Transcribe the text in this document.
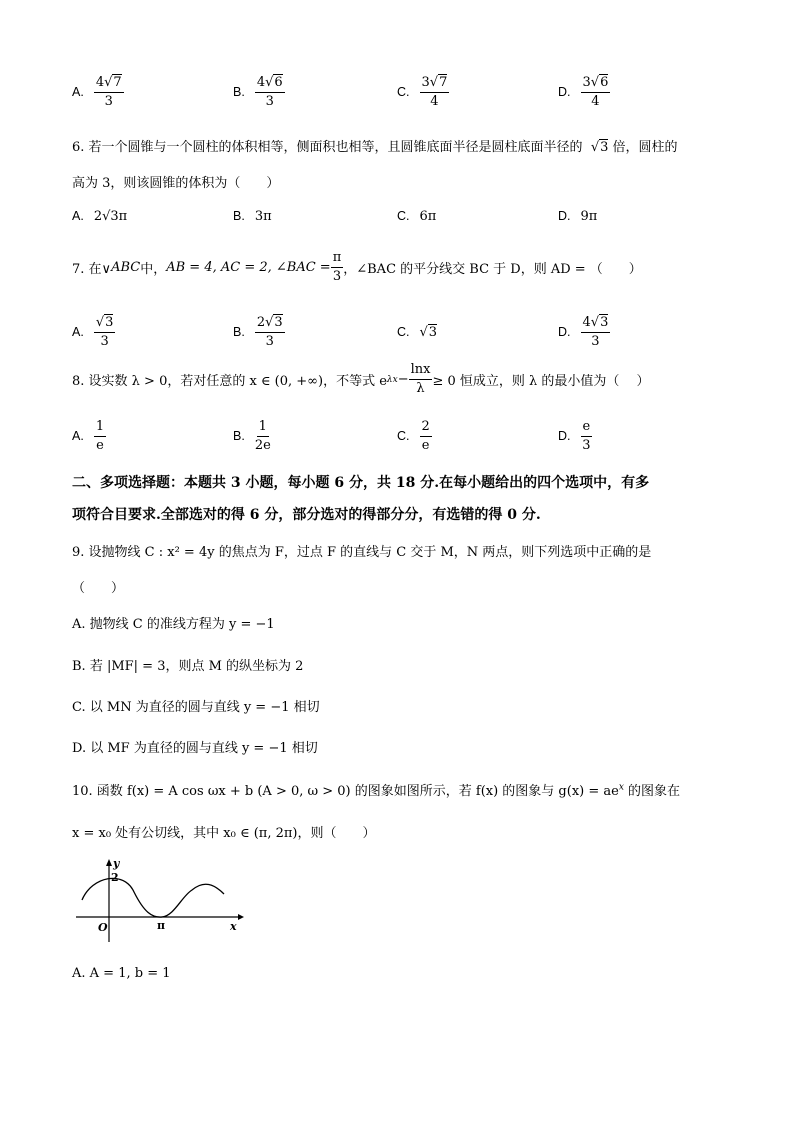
A. $\frac{4√7}{3}$	B. $\frac{4√6}{3}$	C. $\frac{3√7}{4}$	D. $\frac{3√6}{4}$
6. 若一个圆锥与一个圆柱的体积相等，侧面积也相等，且圆锥底面半径是圆柱底面半径的  √3 倍，圆柱的
高为 3，则该圆锥的体积为（　　）
A. 2√3π	B. 3π	C. 6π	D. 9π
7. 在∨ ABC 中， AB = 4, AC = 2, ∠BAC = $\frac{\pi}{3}$ ，∠BAC 的平分线交 BC 于 D，则 AD = （　　）
A. $\frac{√3}{3}$	B. $\frac{2√3}{3}$	C. √3	D. $\frac{4√3}{3}$
8. 设实数 λ > 0，若对任意的 x ∈ (0, +∞)，不等式 e $\lambda x - \frac{\ln x}{\lambda} \ge 0$ 恒成立，则 λ 的最小值为（　 ）
A. $\frac{1}{e}$	B. $\frac{1}{2e}$	C. $\frac{2}{e}$	D. $\frac{e}{3}$
二、多项选择题：本题共 3 小题，每小题 6 分，共 18 分.在每小题给出的四个选项中，有多
项符合目要求.全部选对的得 6 分，部分选对的得部分分，有选错的得 0 分.
9. 设抛物线 C : x² = 4y 的焦点为 F，过点 F 的直线与 C 交于 M，N 两点，则下列选项中正确的是
（　　）
A. 抛物线 C 的准线方程为 y = −1
B. 若 |MF| = 3，则点 M 的纵坐标为 2
C. 以 MN 为直径的圆与直线 y = −1 相切
D. 以 MF 为直径的圆与直线 y = −1 相切
10. 函数 f(x) = A cos ωx + b (A > 0, ω > 0) 的图象如图所示，若 f(x) 的图象与 $g(x) = ae^x$ 的图象在
x = x₀ 处有公切线，其中 x₀ ∈ (π, 2π)，则（　　）
y
2
O	π	x
A. A = 1, b = 1
